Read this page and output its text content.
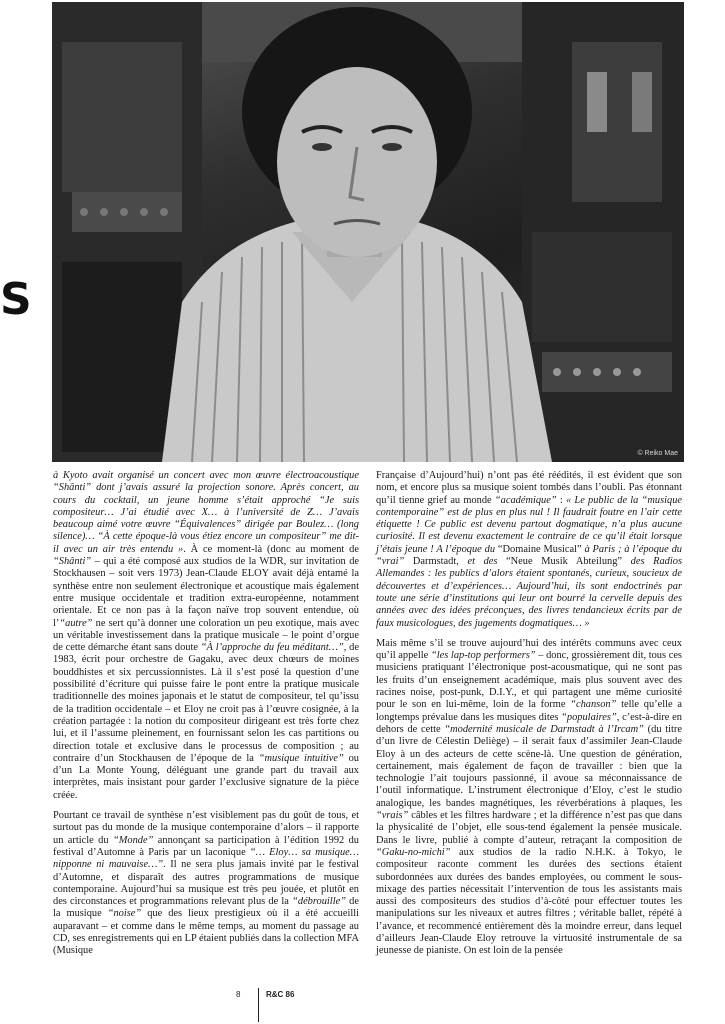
S
© Reiko Mae

à Kyoto avait organisé un concert avec mon œuvre électroacoustique “Shânti” dont j’avais assuré la projection sonore. Après concert, au cours du cocktail, un jeune homme s’était approché “Je suis compositeur… J’ai étudié avec X… à l’université de Z… J’avais beaucoup aimé votre œuvre “Équivalences” dirigée par Boulez… (long silence)… “À cette époque-là vous étiez encore un compositeur” me dit-il avec un air très entendu ». À ce moment-là (donc au moment de “Shânti” – qui a été composé aux studios de la WDR, sur invitation de Stockhausen – soit vers 1973) Jean-Claude ELOY avait déjà entamé la synthèse entre non seulement électronique et acoustique mais également entre musique occidentale et tradition extra-européenne, notamment orientale. Et ce non pas à la façon naïve trop souvent entendue, où l’“autre” ne sert qu’à donner une coloration un peu exotique, mais avec un véritable investissement dans la pratique musicale – le point d’orgue de cette démarche étant sans doute “À l’approche du feu méditant…”, de 1983, écrit pour orchestre de Gagaku, avec deux chœurs de moines bouddhistes et six percussionnistes. Là il s’est posé la question d’une possibilité d’écriture qui puisse faire le pont entre la pratique musicale traditionnelle des moines japonais et le statut de compositeur, tel qu’issu de la tradition occidentale – et Eloy ne croit pas à l’œuvre cosignée, à la création partagée : la notion du compositeur dirigeant est très forte chez lui, et il l’assume pleinement, en fournissant selon les cas partitions ou direction totale et exclusive dans le processus de composition ; au contraire d’un Stockhausen de l’époque de la “musique intuitive” ou d’un La Monte Young, déléguant une grande part du travail aux interprètes, mais insistant pour garder l’exclusive signature de la pièce créée.

Pourtant ce travail de synthèse n’est visiblement pas du goût de tous, et surtout pas du monde de la musique contemporaine d’alors – il rapporte un article du “Monde” annonçant sa participation à l’édition 1992 du festival d’Automne à Paris par un laconique “… Eloy… sa musique… nipponne ni mauvaise…”. Il ne sera plus jamais invité par le festival d’Automne, et disparaît des autres programmations de musique contemporaine. Aujourd’hui sa musique est très peu jouée, et plutôt en des circonstances et programmations relevant plus de la “débrouille” de la musique “noise” que des lieux prestigieux où il a été accueilli auparavant – et comme dans le même temps, au moment du passage au CD, ses enregistrements qui en LP étaient publiés dans la collection MFA (Musique

Française d’Aujourd’hui) n’ont pas été réédités, il est évident que son nom, et encore plus sa musique soient tombés dans l’oubli. Pas étonnant qu’il tienne grief au monde “académique” : « Le public de la “musique contemporaine” est de plus en plus nul ! Il faudrait foutre en l’air cette étiquette ! Ce public est devenu partout dogmatique, n’a plus aucune curiosité. Il est devenu exactement le contraire de ce qu’il était lorsque j’étais jeune ! A l’époque du “Domaine Musical” à Paris ; à l’époque du “vrai” Darmstadt, et des “Neue Musik Abteilung” des Radios Allemandes : les publics d’alors étaient spontanés, curieux, soucieux de découvertes et d’expériences… Aujourd’hui, ils sont endoctrinés par toute une série d’institutions qui leur ont bourré la cervelle depuis des années avec des idées préconçues, des livres tendancieux écrits par de faux musicologues, des jugements dogmatiques… »

Mais même s’il se trouve aujourd’hui des intérêts communs avec ceux qu’il appelle “les lap-top performers” – donc, grossièrement dit, tous ces musiciens pratiquant l’électronique post-acousmatique, qui ne sont pas les fruits d’un enseignement académique, mais plus souvent avec des racines noise, post-punk, D.I.Y., et qui partagent une même curiosité pour le son en lui-même, loin de la forme “chanson” telle qu’elle a longtemps prévalue dans les musiques dites “populaires”, c’est-à-dire en dehors de cette “modernité musicale de Darmstadt à l’Ircam” (du titre d’un livre de Célestin Deliège) – il serait faux d’assimiler Jean-Claude Eloy à un des acteurs de cette scène-là. Une question de génération, certainement, mais également de façon de travailler : bien que la technologie l’ait toujours passionné, il avoue sa méconnaissance de l’outil informatique. L’instrument électronique d’Eloy, c’est le studio analogique, les bandes magnétiques, les réverbérations à plaques, les “vrais” câbles et les filtres hardware ; et la différence n’est pas que dans la physicalité de l’objet, elle sous-tend également la pensée musicale. Dans le livre, publié à compte d’auteur, retraçant la composition de “Gaku-no-michi” aux studios de la radio N.H.K. à Tokyo, le compositeur raconte comment les durées des sections étaient subordonnées aux durées des bandes employées, ou comment le sous-mixage des parties nécessitait l’intervention de tous les assistants mais aussi des compositeurs des studios d’à-côté pour effectuer toutes les manipulations sur les niveaux et autres filtres ; véritable ballet, répété à l’avance, et recommencé entièrement dès la moindre erreur, dans lequel d’ailleurs Jean-Claude Eloy retrouve la virtuosité instrumentale de sa jeunesse de pianiste. On est loin de la pensée

8	R&C 86
